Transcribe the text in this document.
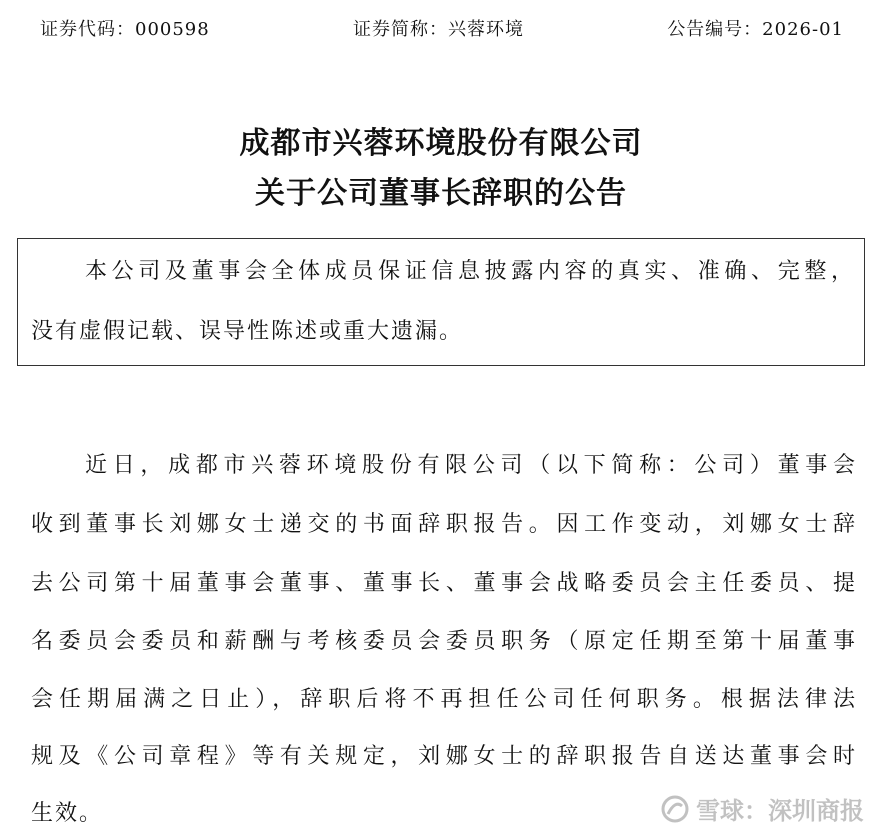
证券代码：000598	证券简称：兴蓉环境	公告编号：2026-01
成都市兴蓉环境股份有限公司
关于公司董事长辞职的公告
本公司及董事会全体成员保证信息披露内容的真实、准确、完整，
没有虚假记载、误导性陈述或重大遗漏。
近日，成都市兴蓉环境股份有限公司（以下简称：公司）董事会
收到董事长刘娜女士递交的书面辞职报告。因工作变动，刘娜女士辞
去公司第十届董事会董事、董事长、董事会战略委员会主任委员、提
名委员会委员和薪酬与考核委员会委员职务（原定任期至第十届董事
会任期届满之日止），辞职后将不再担任公司任何职务。根据法律法
规及《公司章程》等有关规定，刘娜女士的辞职报告自送达董事会时
生效。	雪球：深圳商报
